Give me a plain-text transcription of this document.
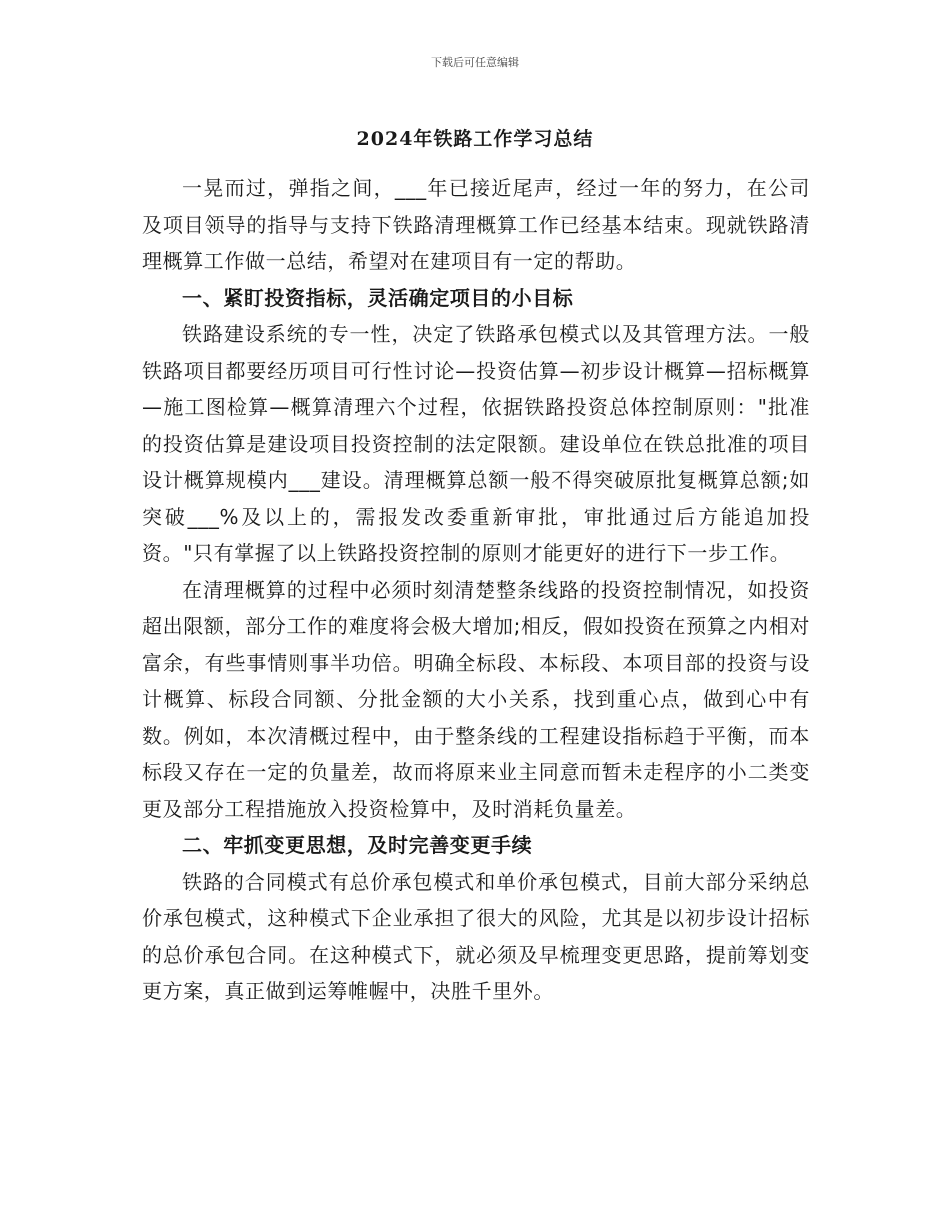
下载后可任意编辑
2024年铁路工作学习总结

一晃而过，弹指之间，___年已接近尾声，经过一年的努力，在公司及项目领导的指导与支持下铁路清理概算工作已经基本结束。现就铁路清理概算工作做一总结，希望对在建项目有一定的帮助。

一、紧盯投资指标，灵活确定项目的小目标

铁路建设系统的专一性，决定了铁路承包模式以及其管理方法。一般铁路项目都要经历项目可行性讨论—投资估算—初步设计概算—招标概算—施工图检算—概算清理六个过程，依据铁路投资总体控制原则："批准的投资估算是建设项目投资控制的法定限额。建设单位在铁总批准的项目设计概算规模内___建设。清理概算总额一般不得突破原批复概算总额;如突破___%及以上的，需报发改委重新审批，审批通过后方能追加投资。"只有掌握了以上铁路投资控制的原则才能更好的进行下一步工作。

在清理概算的过程中必须时刻清楚整条线路的投资控制情况，如投资超出限额，部分工作的难度将会极大增加;相反，假如投资在预算之内相对富余，有些事情则事半功倍。明确全标段、本标段、本项目部的投资与设计概算、标段合同额、分批金额的大小关系，找到重心点，做到心中有数。例如，本次清概过程中，由于整条线的工程建设指标趋于平衡，而本标段又存在一定的负量差，故而将原来业主同意而暂未走程序的小二类变更及部分工程措施放入投资检算中，及时消耗负量差。

二、牢抓变更思想，及时完善变更手续

铁路的合同模式有总价承包模式和单价承包模式，目前大部分采纳总价承包模式，这种模式下企业承担了很大的风险，尤其是以初步设计招标的总价承包合同。在这种模式下，就必须及早梳理变更思路，提前筹划变更方案，真正做到运筹帷幄中，决胜千里外。
